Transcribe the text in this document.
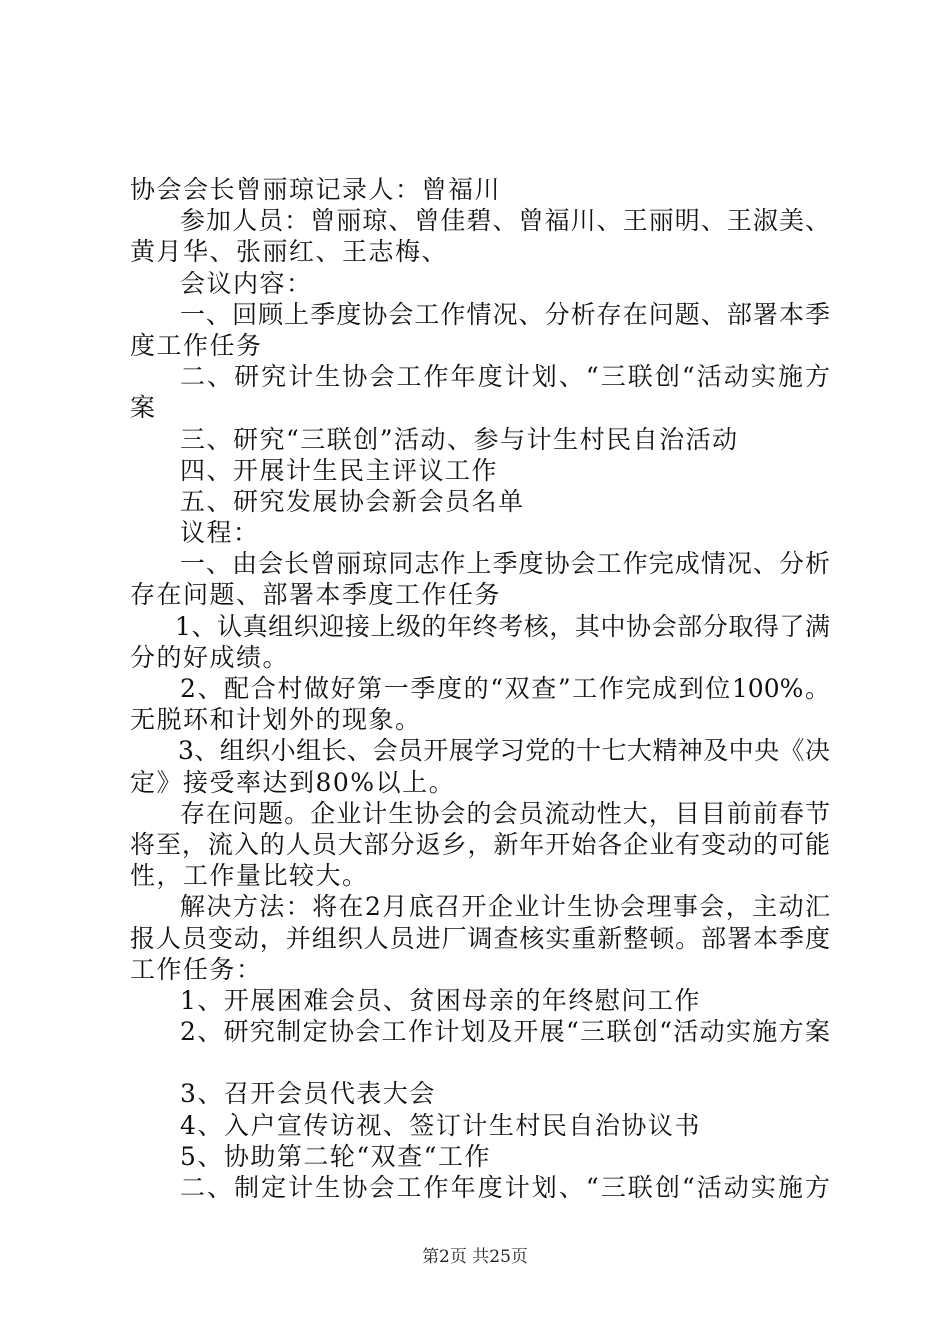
协会会长曾丽琼记录人：曾福川
参加人员：曾丽琼、曾佳碧、曾福川、王丽明、王淑美、
黄月华、张丽红、王志梅、
会议内容：
一、回顾上季度协会工作情况、分析存在问题、部署本季
度工作任务
二、研究计生协会工作年度计划、“三联创“活动实施方
案
三、研究“三联创”活动、参与计生村民自治活动
四、开展计生民主评议工作
五、研究发展协会新会员名单
议程：
一、由会长曾丽琼同志作上季度协会工作完成情况、分析
存在问题、部署本季度工作任务
1、认真组织迎接上级的年终考核，其中协会部分取得了满
分的好成绩。
2、配合村做好第一季度的“双查”工作完成到位100%。
无脱环和计划外的现象。
3、组织小组长、会员开展学习党的十七大精神及中央《决
定》接受率达到80%以上。
存在问题。企业计生协会的会员流动性大，目目前前春节
将至，流入的人员大部分返乡，新年开始各企业有变动的可能
性，工作量比较大。
解决方法：将在2月底召开企业计生协会理事会，主动汇
报人员变动，并组织人员进厂调查核实重新整顿。部署本季度
工作任务：
1、开展困难会员、贫困母亲的年终慰问工作
2、研究制定协会工作计划及开展“三联创“活动实施方案
3、召开会员代表大会
4、入户宣传访视、签订计生村民自治协议书
5、协助第二轮“双查“工作
二、制定计生协会工作年度计划、“三联创“活动实施方
第2页 共25页
